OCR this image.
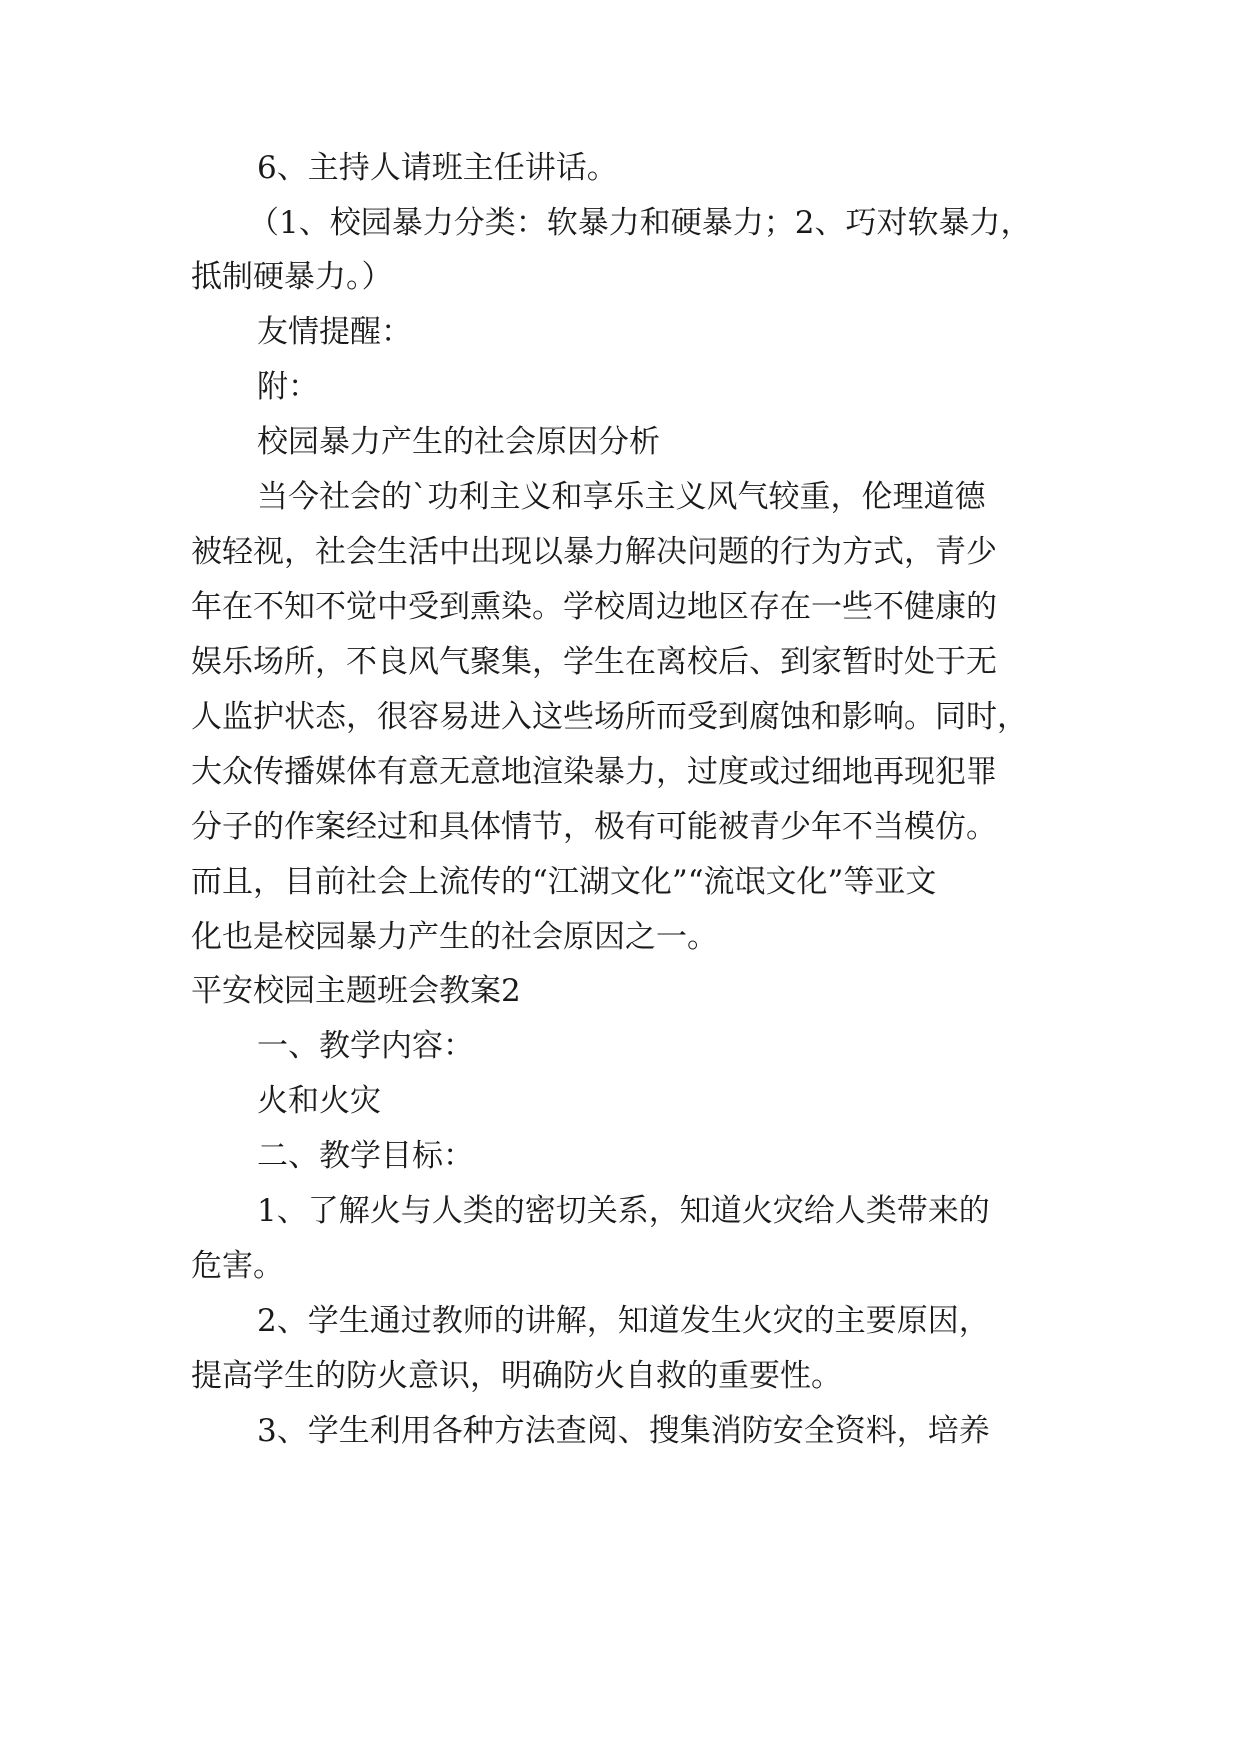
6、主持人请班主任讲话。
（1、校园暴力分类：软暴力和硬暴力；2、巧对软暴力，
抵制硬暴力。）
友情提醒：
附：
校园暴力产生的社会原因分析
当今社会的`功利主义和享乐主义风气较重，伦理道德
被轻视，社会生活中出现以暴力解决问题的行为方式，青少
年在不知不觉中受到熏染。学校周边地区存在一些不健康的
娱乐场所，不良风气聚集，学生在离校后、到家暂时处于无
人监护状态，很容易进入这些场所而受到腐蚀和影响。同时，
大众传播媒体有意无意地渲染暴力，过度或过细地再现犯罪
分子的作案经过和具体情节，极有可能被青少年不当模仿。
而且，目前社会上流传的“江湖文化”“流氓文化”等亚文
化也是校园暴力产生的社会原因之一。
平安校园主题班会教案2
一、教学内容：
火和火灾
二、教学目标：
1、了解火与人类的密切关系，知道火灾给人类带来的
危害。
2、学生通过教师的讲解，知道发生火灾的主要原因，
提高学生的防火意识，明确防火自救的重要性。
3、学生利用各种方法查阅、搜集消防安全资料，培养
